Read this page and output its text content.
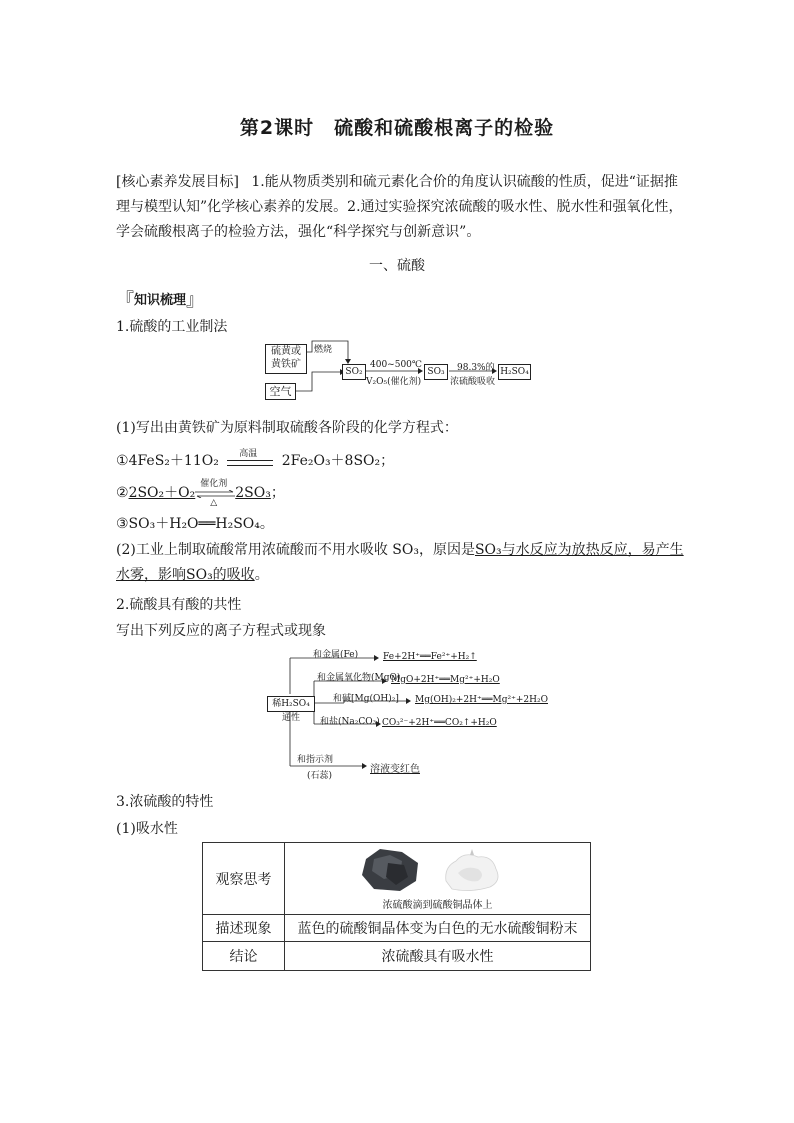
第2课时　硫酸和硫酸根离子的检验
[核心素养发展目标] 1.能从物质类别和硫元素化合价的角度认识硫酸的性质，促进“证据推理与模型认知”化学核心素养的发展。2.通过实验探究浓硫酸的吸水性、脱水性和强氧化性，学会硫酸根离子的检验方法，强化“科学探究与创新意识”。
一、硫酸
『知识梳理』
1.硫酸的工业制法
硫黄或
黄铁矿
空气
燃烧
SO₂
400~500℃
V₂O₅(催化剂)
SO₃	98.3%的
浓硫酸吸收
H₂SO₄
(1)写出由黄铁矿为原料制取硫酸各阶段的化学方程式：
①4FeS₂＋11O₂ 高温 2Fe₂O₃＋8SO₂；
②2SO₂＋O₂
催化剂
△
2SO₃；
③SO₃＋H₂O══H₂SO₄。
(2)工业上制取硫酸常用浓硫酸而不用水吸收 SO₃，原因是SO₃与水反应为放热反应，易产生
水雾，影响SO₃的吸收。
2.硫酸具有酸的共性
写出下列反应的离子方程式或现象
稀H₂SO₄通性
和金属(Fe)	Fe+2H⁺══Fe²⁺+H₂↑
和金属氧化物(MgO)
MgO+2H⁺══Mg²⁺+H₂O
和碱[Mg(OH)₂] Mg(OH)₂+2H⁺══Mg²⁺+2H₂O
和盐(Na₂CO₃) CO₃²⁻+2H⁺══CO₂↑+H₂O
和指示剂
(石蕊)
溶液变红色
3.浓硫酸的特性
(1)吸水性
观察思考	浓硫酸滴到硫酸铜晶体上

描述现象	蓝色的硫酸铜晶体变为白色的无水硫酸铜粉末
结论	浓硫酸具有吸水性
